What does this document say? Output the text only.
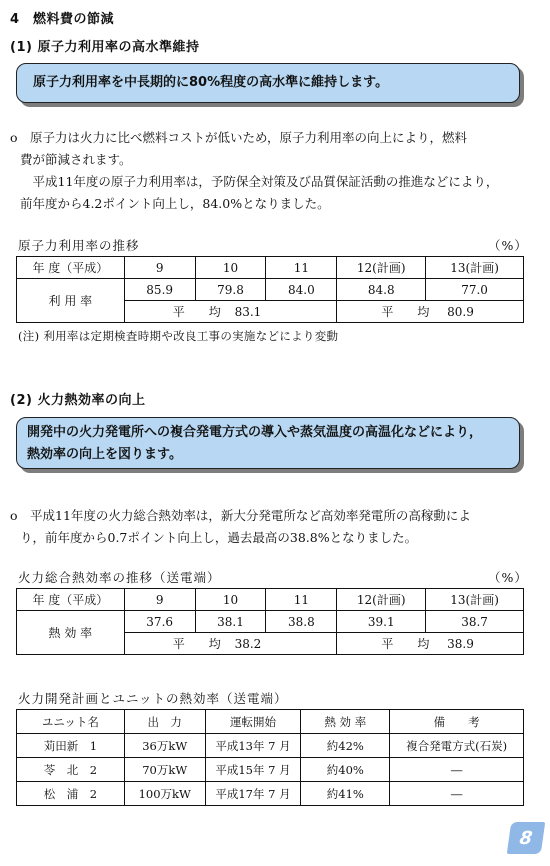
4　燃料費の節減
(1) 原子力利用率の高水準維持
原子力利用率を中長期的に80%程度の高水準に維持します。
o 原子力は火力に比べ燃料コストが低いため，原子力利用率の向上により，燃料
費が節減されます。
　平成11年度の原子力利用率は，予防保全対策及び品質保証活動の推進などにより，
前年度から4.2ポイント向上し，84.0%となりました。
原子力利用率の推移	（%）
年 度（平成）	9	10	11	12(計画)	13(計画)
利 用 率	85.9	79.8	84.0	84.8	77.0
	平　　均 83.1			平　　均 80.9	
(注) 利用率は定期検査時期や改良工事の実施などにより変動
(2) 火力熱効率の向上
開発中の火力発電所への複合発電方式の導入や蒸気温度の高温化などにより，
熱効率の向上を図ります。
o 平成11年度の火力総合熱効率は，新大分発電所など高効率発電所の高稼動によ
り，前年度から0.7ポイント向上し，過去最高の38.8%となりました。
火力総合熱効率の推移（送電端）	（%）
年 度（平成）	9	10	11	12(計画)	13(計画)
熱 効 率	37.6	38.1	38.8	39.1	38.7
	平　　均 38.2			平　　均 38.9	
火力開発計画とユニットの熱効率（送電端）
ユニット名	出　力	運転開始	熱 効 率	備　　考
苅田新　1	36万kW	平成13年 7 月	約42%	複合発電方式(石炭)
苓　北　2	70万kW	平成15年 7 月	約40%	―
松　浦　2	100万kW	平成17年 7 月	約41%	―
8
